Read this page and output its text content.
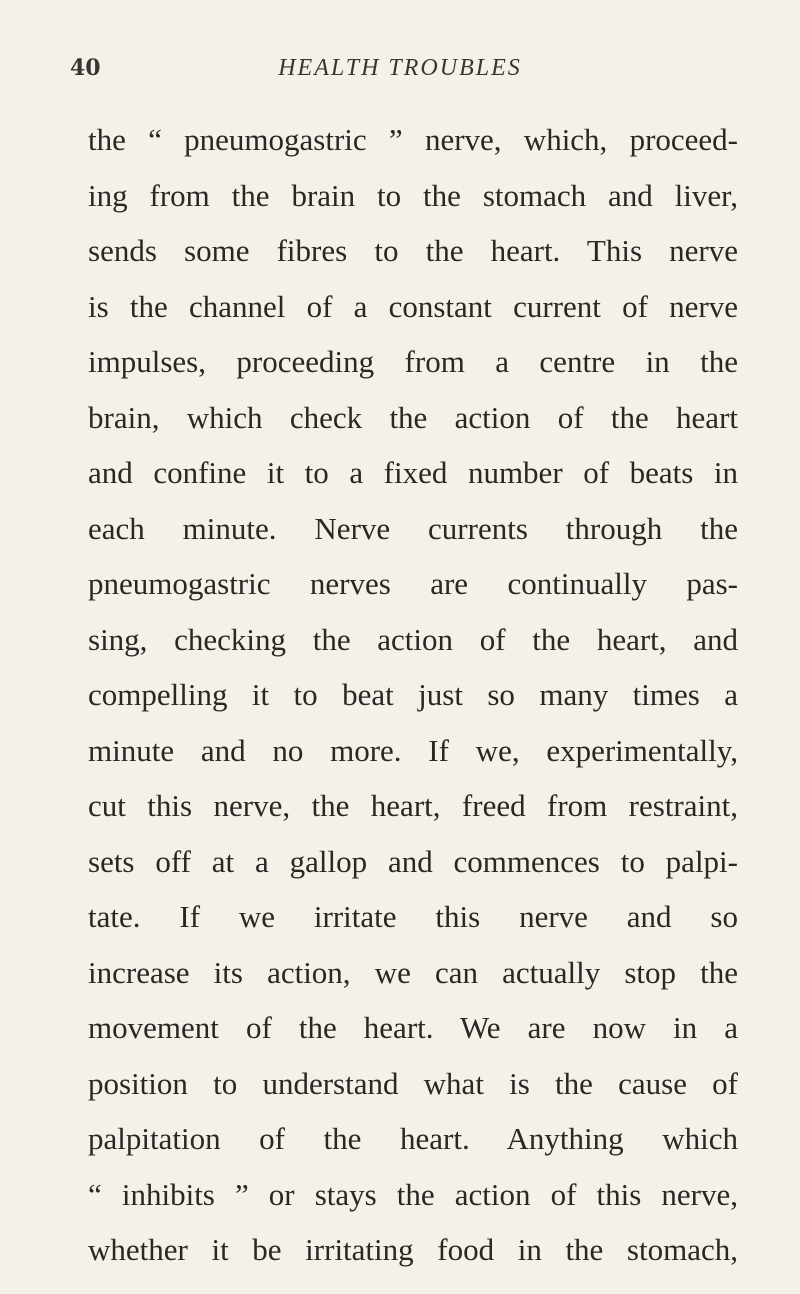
40	HEALTH TROUBLES
the “ pneumogastric ” nerve, which, proceed-
ing from the brain to the stomach and liver,
sends some fibres to the heart. This nerve
is the channel of a constant current of nerve
impulses, proceeding from a centre in the
brain, which check the action of the heart
and confine it to a fixed number of beats in
each minute. Nerve currents through the
pneumogastric nerves are continually pas-
sing, checking the action of the heart, and
compelling it to beat just so many times a
minute and no more. If we, experimentally,
cut this nerve, the heart, freed from restraint,
sets off at a gallop and commences to palpi-
tate. If we irritate this nerve and so
increase its action, we can actually stop the
movement of the heart. We are now in a
position to understand what is the cause of
palpitation of the heart. Anything which
“ inhibits ” or stays the action of this nerve,
whether it be irritating food in the stomach,
